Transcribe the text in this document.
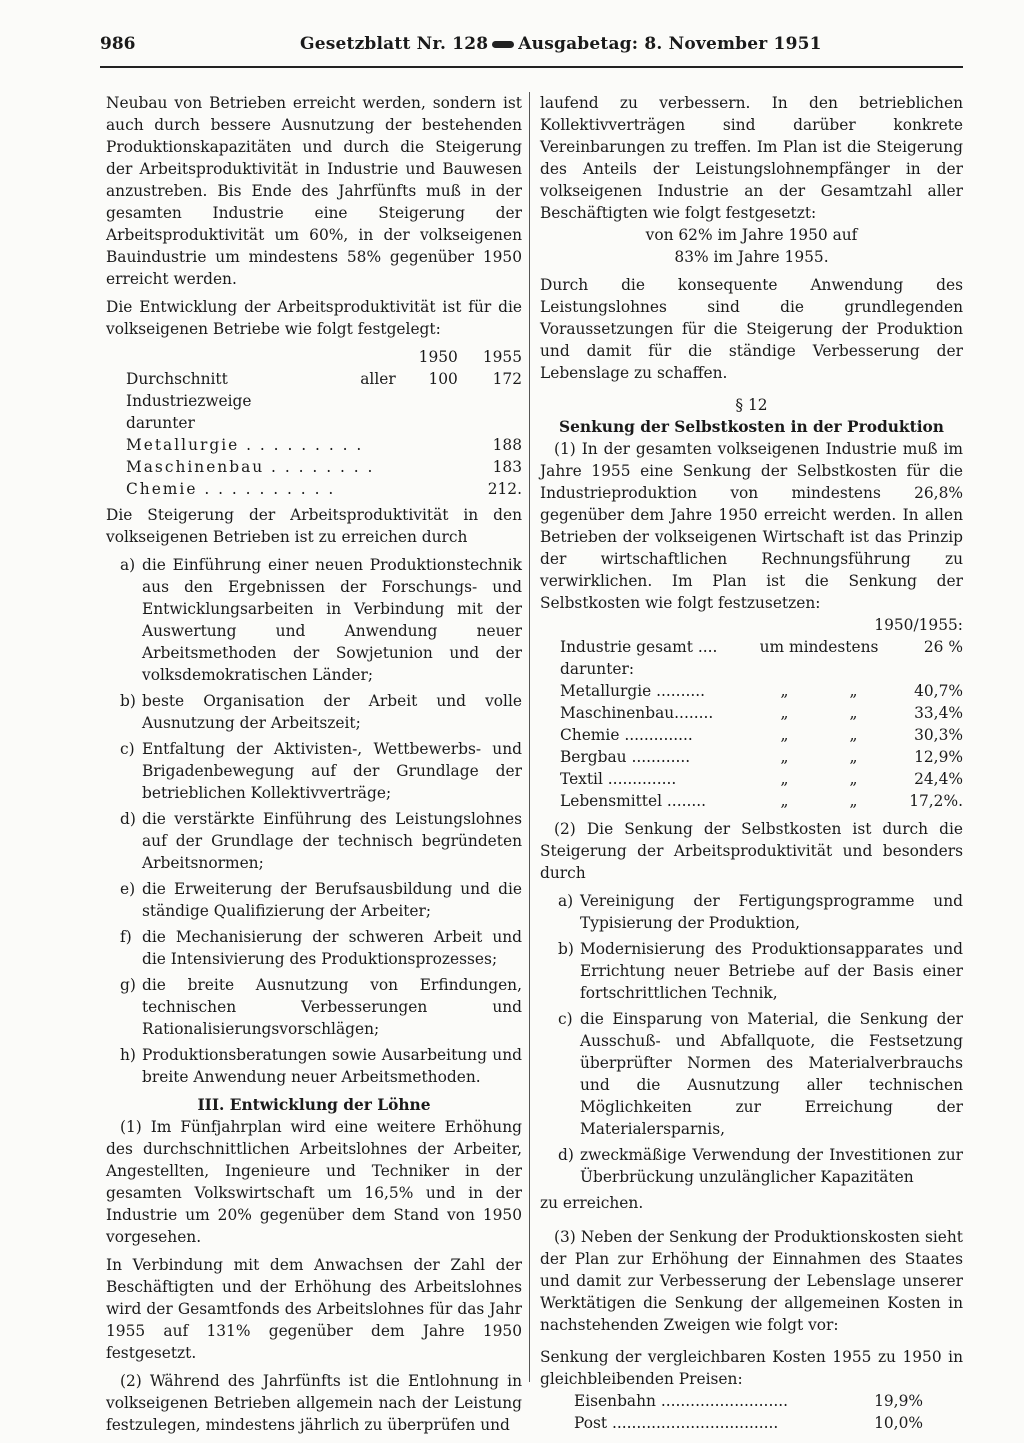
986	Gesetzblatt Nr. 128 Ausgabetag: 8. November 1951

Neubau von Betrieben erreicht werden, sondern ist auch durch bessere Ausnutzung der bestehenden Produktionskapazitäten und durch die Steigerung der Arbeitsproduktivität in Industrie und Bauwesen anzustreben. Bis Ende des Jahrfünfts muß in der gesamten Industrie eine Steigerung der Arbeitsproduktivität um 60%, in der volkseigenen Bauindustrie um mindestens 58% gegenüber 1950 erreicht werden.

Die Entwicklung der Arbeitsproduktivität ist für die volkseigenen Betriebe wie folgt festgelegt:

	1950	1955
Durchschnitt aller Industriezweige	100	172
darunter		
Metallurgie . . . . . . . . .		188
Maschinenbau . . . . . . . .		183
Chemie . . . . . . . . . .		212.

Die Steigerung der Arbeitsproduktivität in den volkseigenen Betrieben ist zu erreichen durch

a) die Einführung einer neuen Produktionstechnik aus den Ergebnissen der Forschungs- und Entwicklungsarbeiten in Verbindung mit der Auswertung und Anwendung neuer Arbeitsmethoden der Sowjetunion und der volksdemokratischen Länder;
b) beste Organisation der Arbeit und volle Ausnutzung der Arbeitszeit;
c) Entfaltung der Aktivisten-, Wettbewerbs- und Brigadenbewegung auf der Grundlage der betrieblichen Kollektivverträge;
d) die verstärkte Einführung des Leistungslohnes auf der Grundlage der technisch begründeten Arbeitsnormen;
e) die Erweiterung der Berufsausbildung und die ständige Qualifizierung der Arbeiter;
f) die Mechanisierung der schweren Arbeit und die Intensivierung des Produktionsprozesses;
g) die breite Ausnutzung von Erfindungen, technischen Verbesserungen und Rationalisierungsvorschlägen;
h) Produktionsberatungen sowie Ausarbeitung und breite Anwendung neuer Arbeitsmethoden.

III. Entwicklung der Löhne

(1) Im Fünfjahrplan wird eine weitere Erhöhung des durchschnittlichen Arbeitslohnes der Arbeiter, Angestellten, Ingenieure und Techniker in der gesamten Volkswirtschaft um 16,5% und in der Industrie um 20% gegenüber dem Stand von 1950 vorgesehen.

In Verbindung mit dem Anwachsen der Zahl der Beschäftigten und der Erhöhung des Arbeitslohnes wird der Gesamtfonds des Arbeitslohnes für das Jahr 1955 auf 131% gegenüber dem Jahre 1950 festgesetzt.

(2) Während des Jahrfünfts ist die Entlohnung in volkseigenen Betrieben allgemein nach der Leistung festzulegen, mindestens jährlich zu überprüfen und

laufend zu verbessern. In den betrieblichen Kollektivverträgen sind darüber konkrete Vereinbarungen zu treffen. Im Plan ist die Steigerung des Anteils der Leistungslohnempfänger in der volkseigenen Industrie an der Gesamtzahl aller Beschäftigten wie folgt festgesetzt:

von 62% im Jahre 1950 auf

83% im Jahre 1955.

Durch die konsequente Anwendung des Leistungslohnes sind die grundlegenden Voraussetzungen für die Steigerung der Produktion und damit für die ständige Verbesserung der Lebenslage zu schaffen.

§ 12

Senkung der Selbstkosten in der Produktion

(1) In der gesamten volkseigenen Industrie muß im Jahre 1955 eine Senkung der Selbstkosten für die Industrieproduktion von mindestens 26,8% gegenüber dem Jahre 1950 erreicht werden. In allen Betrieben der volkseigenen Wirtschaft ist das Prinzip der wirtschaftlichen Rechnungsführung zu verwirklichen. Im Plan ist die Senkung der Selbstkosten wie folgt festzusetzen:

1950/1955:			
Industrie gesamt ....	um mindestens		26 %
darunter:			
Metallurgie ..........	„	„	40,7%
Maschinenbau........	„	„	33,4%
Chemie ..............	„	„	30,3%
Bergbau ............	„	„	12,9%
Textil ..............	„	„	24,4%
Lebensmittel ........	„	„	17,2%.

(2) Die Senkung der Selbstkosten ist durch die Steigerung der Arbeitsproduktivität und besonders durch

a) Vereinigung der Fertigungsprogramme und Typisierung der Produktion,
b) Modernisierung des Produktionsapparates und Errichtung neuer Betriebe auf der Basis einer fortschrittlichen Technik,
c) die Einsparung von Material, die Senkung der Ausschuß- und Abfallquote, die Festsetzung überprüfter Normen des Materialverbrauchs und die Ausnutzung aller technischen Möglichkeiten zur Erreichung der Materialersparnis,
d) zweckmäßige Verwendung der Investitionen zur Überbrückung unzulänglicher Kapazitäten

zu erreichen.

(3) Neben der Senkung der Produktionskosten sieht der Plan zur Erhöhung der Einnahmen des Staates und damit zur Verbesserung der Lebenslage unserer Werktätigen die Senkung der allgemeinen Kosten in nachstehenden Zweigen wie folgt vor:

Senkung der vergleichbaren Kosten 1955 zu 1950 in gleichbleibenden Preisen:

Eisenbahn ..........................	19,9%
Post ..................................	10,0%
